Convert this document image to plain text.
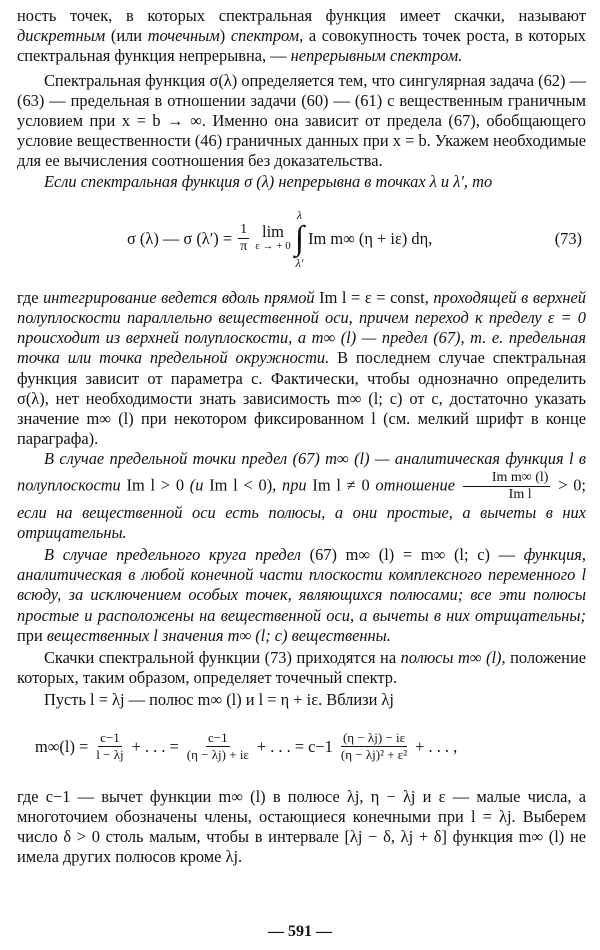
ность точек, в которых спектральная функция имеет скачки, называют дискретным (или точечным) спектром, а совокупность точек роста, в которых спектральная функция непрерывна, — непрерывным спектром.

Спектральная функция σ(λ) определяется тем, что сингулярная задача (62) — (63) — предельная в отношении задачи (60) — (61) с вещественным граничным условием при x = b → ∞. Именно она зависит от предела (67), обобщающего условие вещественности (46) граничных данных при x = b. Укажем необходимые для ее вычисления соотношения без доказательства.

Если спектральная функция σ (λ) непрерывна в точках λ и λ′, то

σ (λ) — σ $(\lambda') = \frac{1}{\pi}$ lim
ε → + 0
λ
∫
λ′
Im m∞ (η + iε) dη,	(73)

где интегрирование ведется вдоль прямой Im l = ε = const, проходящей в верхней полуплоскости параллельно вещественной оси, причем переход к пределу ε = 0 происходит из верхней полуплоскости, а m∞ (l) — предел (67), т. е. предельная точка или точка предельной окружности. В последнем случае спектральная функция зависит от параметра c. Фактически, чтобы однозначно определить σ(λ), нет необходимости знать зависимость m∞ (l; c) от c, достаточно указать значение m∞ (l) при некотором фиксированном l (см. мелкий шрифт в конце параграфа).

В случае предельной точки предел (67) m∞ (l) — аналитическая функция l в полуплоскости Im l > 0 (и Im l < 0), при Im l ≠ 0 отношение $\frac{\text{Im m∞ (l)}}{\text{Im l}} > 0$; если на вещественной оси есть полюсы, а они простые, а вычеты в них отрицательны.

В случае предельного круга предел (67) m∞ (l) = m∞ (l; c) — функция, аналитическая в любой конечной части плоскости комплексного переменного l всюду, за исключением особых точек, являющихся полюсами; все эти полюсы простые и расположены на вещественной оси, а вычеты в них отрицательны; при вещественных l значения m∞ (l; c) вещественны.

Скачки спектральной функции (73) приходятся на полюсы m∞ (l), положение которых, таким образом, определяет точечный спектр.

Пусть l = λj — полюс m∞ (l) и l = η + iε. Вблизи λj

$m\infty(l) = \frac{c-1}{l - \lambda j}$ + . . . = $\frac{c-1}{(\eta - \lambda j) + i\varepsilon}$ + . . . = $c-1 \frac{(\eta - \lambda j) - i\varepsilon}{\text{(η − λj)² + ε²}}$ + . . . ,

где c−1 — вычет функции m∞ (l) в полюсе λj, η − λj и ε — малые числа, а многоточием обозначены члены, остающиеся конечными при l = λj. Выберем число δ > 0 столь малым, чтобы в интервале [λj − δ, λj + δ] функция m∞ (l) не имела других полюсов кроме λj.

— 591 —
